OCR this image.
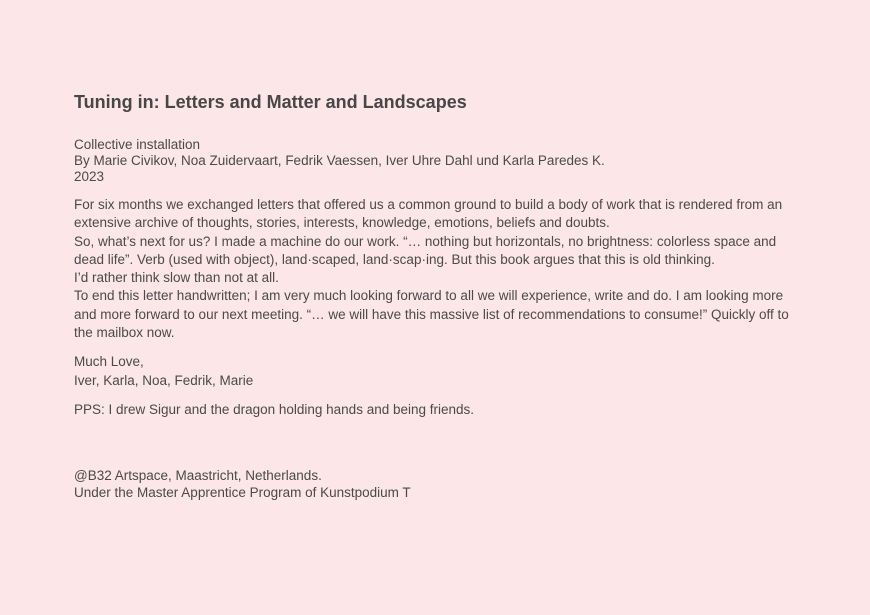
Tuning in: Letters and Matter and Landscapes
Collective installation
By Marie Civikov, Noa Zuidervaart, Fedrik Vaessen, Iver Uhre Dahl und Karla Paredes K.
2023

For six months we exchanged letters that offered us a common ground to build a body of work that is rendered from an extensive archive of thoughts, stories, interests, knowledge, emotions, beliefs and doubts.

So, what’s next for us? I made a machine do our work. “… nothing but horizontals, no brightness: colorless space and dead life”. Verb (used with object), land·scaped, land·scap·ing. But this book argues that this is old thinking.

I’d rather think slow than not at all.

To end this letter handwritten; I am very much looking forward to all we will experience, write and do. I am looking more and more forward to our next meeting. “… we will have this massive list of recommendations to consume!” Quickly off to the mailbox now.

Much Love,
Iver, Karla, Noa, Fedrik, Marie

PPS: I drew Sigur and the dragon holding hands and being friends.

@B32 Artspace, Maastricht, Netherlands.
Under the Master Apprentice Program of Kunstpodium T
